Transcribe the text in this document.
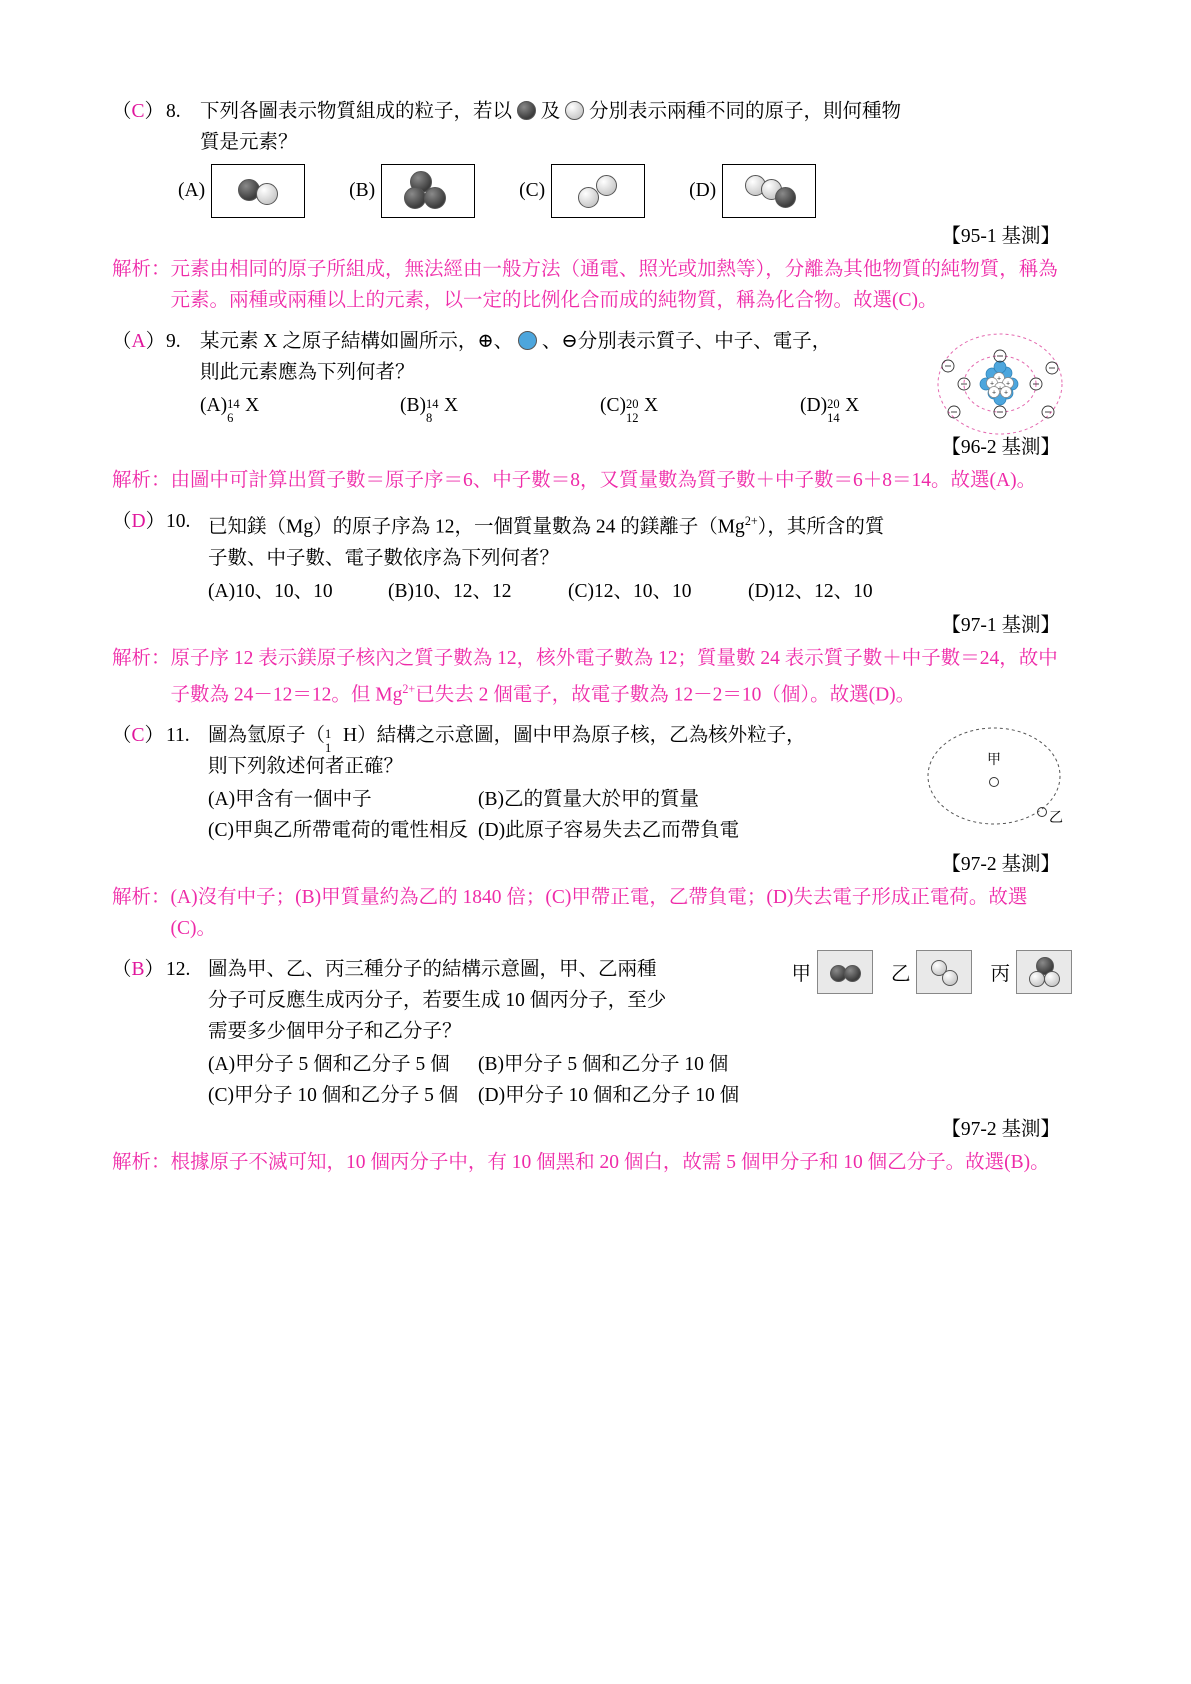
（C） 8. 下列各圖表示物質組成的粒子，若以 及 分別表示兩種不同的原子，則何種物
質是元素？
(A)	(B)	(C)	(D)
【95-1 基測】
解析： 元素由相同的原子所組成，無法經由一般方法（通電、照光或加熱等），分離為其他物質的純物質，稱為元素。兩種或兩種以上的元素，以一定的比例化合而成的純物質，稱為化合物。故選(C)。
（A） 9. 某元素 X 之原子結構如圖所示，⊕、 、⊖分別表示質子、中子、電子，
則此元素應為下列何者？
(A) 14
6
X	(B) 14
8
X	(C) 20
12
X	(D) 20
14
X
+
+
+
+
+
+
【96-2 基測】
解析： 由圖中可計算出質子數＝原子序＝6、中子數＝8，又質量數為質子數＋中子數＝6＋8＝14。故選(A)。
（D） 10. 已知鎂（Mg）的原子序為 12，一個質量數為 24 的鎂離子$(Mg^{2+})$，其所含的質
子數、中子數、電子數依序為下列何者？
(A)10、10、10	(B)10、12、12	(C)12、10、10	(D)12、12、10
【97-1 基測】
解析： 原子序 12 表示鎂原子核內之質子數為 12，核外電子數為 12；質量數 24 表示質子數＋中子數＝24，故中子數為 24－12＝12。但 $Mg^{2+}$已失去 2 個電子，故電子數為 12－2＝10（個）。故選(D)。
（C） 11. 圖為氫原子（ 1
1
H）結構之示意圖，圖中甲為原子核，乙為核外粒子，
則下列敘述何者正確？
(A)甲含有一個中子	(B)乙的質量大於甲的質量
(C)甲與乙所帶電荷的電性相反 (D)此原子容易失去乙而帶負電
甲
乙
【97-2 基測】
解析： (A)沒有中子；(B)甲質量約為乙的 1840 倍；(C)甲帶正電，乙帶負電；(D)失去電子形成正電荷。故選(C)。
（B） 12. 圖為甲、乙、丙三種分子的結構示意圖，甲、乙兩種
分子可反應生成丙分子，若要生成 10 個丙分子，至少
需要多少個甲分子和乙分子？
甲	乙	丙
(A)甲分子 5 個和乙分子 5 個	(B)甲分子 5 個和乙分子 10 個
(C)甲分子 10 個和乙分子 5 個	(D)甲分子 10 個和乙分子 10 個
【97-2 基測】
解析： 根據原子不滅可知，10 個丙分子中，有 10 個黑和 20 個白，故需 5 個甲分子和 10 個乙分子。故選(B)。
